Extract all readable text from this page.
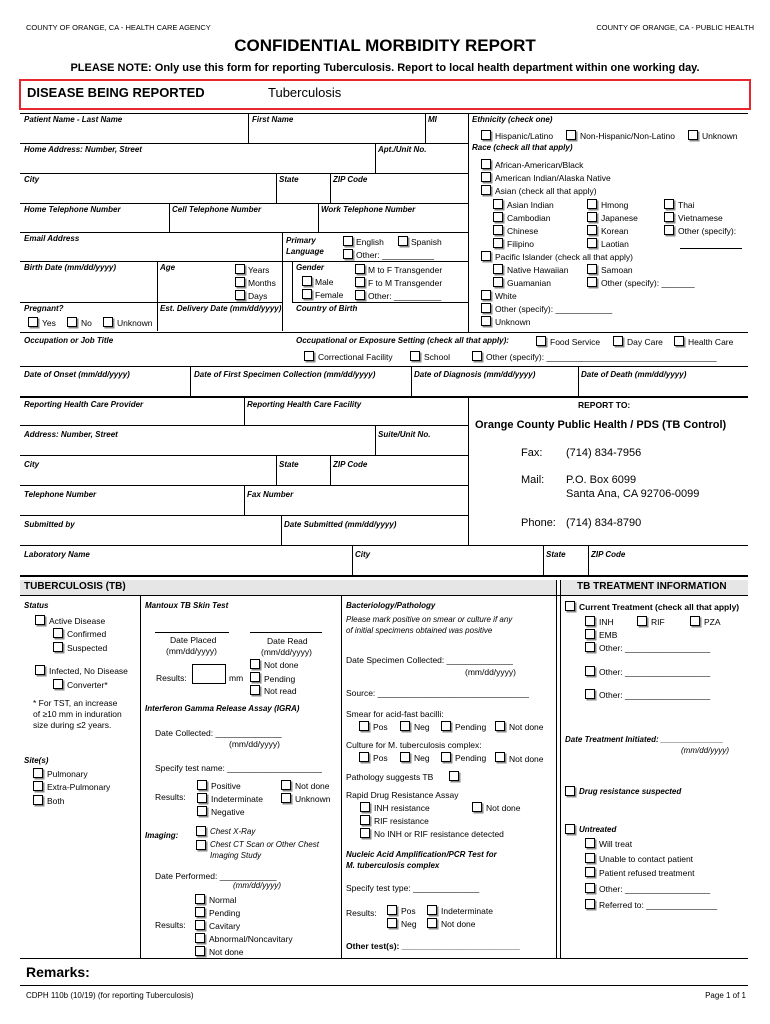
COUNTY OF ORANGE, CA - HEALTH CARE AGENCY	COUNTY OF ORANGE, CA - PUBLIC HEALTH
CONFIDENTIAL MORBIDITY REPORT
PLEASE NOTE: Only use this form for reporting Tuberculosis. Report to local health department within one working day.
DISEASE BEING REPORTED	Tuberculosis
Patient Name - Last Name	First Name	MI
Home Address: Number, Street	Apt./Unit No.
City	State	ZIP Code
Home Telephone Number	Cell Telephone Number	Work Telephone Number
Email Address	Primary
Language
English	Spanish
Other: ___________
Birth Date (mm/dd/yyyy)	Age	Years
Months
Days
Gender
Male
Female
M to F Transgender
F to M Transgender
Other: __________
Pregnant?
Yes	No	Unknown
Est. Delivery Date (mm/dd/yyyy) Country of Birth
Ethnicity (check one)
Hispanic/Latino	Non-Hispanic/Non-Latino	Unknown
Race (check all that apply)
African-American/Black
American Indian/Alaska Native
Asian (check all that apply)
Asian Indian
Cambodian
Chinese
Filipino
Hmong
Japanese
Korean
Laotian
Thai
Vietnamese
Other (specify):
Pacific Islander (check all that apply)
Native Hawaiian	Samoan
Guamanian	Other (specify): _______
White
Other (specify): ____________
Unknown
Occupation or Job Title	Occupational or Exposure Setting (check all that apply):	Food Service	Day Care	Health Care
Correctional Facility	School	Other (specify): ____________________________________
Date of Onset (mm/dd/yyyy)	Date of First Specimen Collection (mm/dd/yyyy)	Date of Diagnosis (mm/dd/yyyy)	Date of Death (mm/dd/yyyy)
Reporting Health Care Provider	Reporting Health Care Facility
Address: Number, Street	Suite/Unit No.
City	State	ZIP Code
Telephone Number	Fax Number
Submitted by	Date Submitted (mm/dd/yyyy)
Laboratory Name	City	State	ZIP Code
REPORT TO:
Orange County Public Health / PDS (TB Control)
Fax: (714) 834-7956
Mail: P.O. Box 6099
Santa Ana, CA 92706-0099
Phone: (714) 834-8790
TUBERCULOSIS (TB)	TB TREATMENT INFORMATION
Status
Active Disease
Confirmed
Suspected
Infected, No Disease
Converter*
* For TST, an increase
of ≥10 mm in induration
size during ≤2 years.
Site(s)
Pulmonary
Extra-Pulmonary
Both
Mantoux TB Skin Test
Date Placed
(mm/dd/yyyy)
Date Read
(mm/dd/yyyy)
Results:	mm
Not done
Pending
Not read
Interferon Gamma Release Assay (IGRA)
Date Collected: ______________
(mm/dd/yyyy)
Specify test name: ____________________
Results:
Positive
Indeterminate
Negative
Not done
Unknown
Imaging:	Chest X-Ray
Chest CT Scan or Other Chest
Imaging Study
Date Performed: ____________
(mm/dd/yyyy)
Results:
Normal
Pending
Cavitary
Abnormal/Noncavitary
Not done
Bacteriology/Pathology
Please mark positive on smear or culture if any
of initial specimens obtained was positive
Date Specimen Collected: ______________
(mm/dd/yyyy)
Source: ________________________________
Smear for acid-fast bacilli:
Pos	Neg	Pending	Not done
Culture for M. tuberculosis complex:
Pos	Neg	Pending	Not done
Pathology suggests TB
Rapid Drug Resistance Assay
INH resistance	Not done
RIF resistance
No INH or RIF resistance detected
Nucleic Acid Amplification/PCR Test for
M. tuberculosis complex
Specify test type: ______________
Results:	Pos
Neg
Indeterminate
Not done
Other test(s): _________________________
Current Treatment (check all that apply)
INH	RIF	PZA
EMB
Other: __________________
Other: __________________
Other: __________________
Date Treatment Initiated: ______________
(mm/dd/yyyy)
Drug resistance suspected
Untreated
Will treat
Unable to contact patient
Patient refused treatment
Other: __________________
Referred to: _______________
Remarks:
CDPH 110b (10/19) (for reporting Tuberculosis)	Page 1 of 1
